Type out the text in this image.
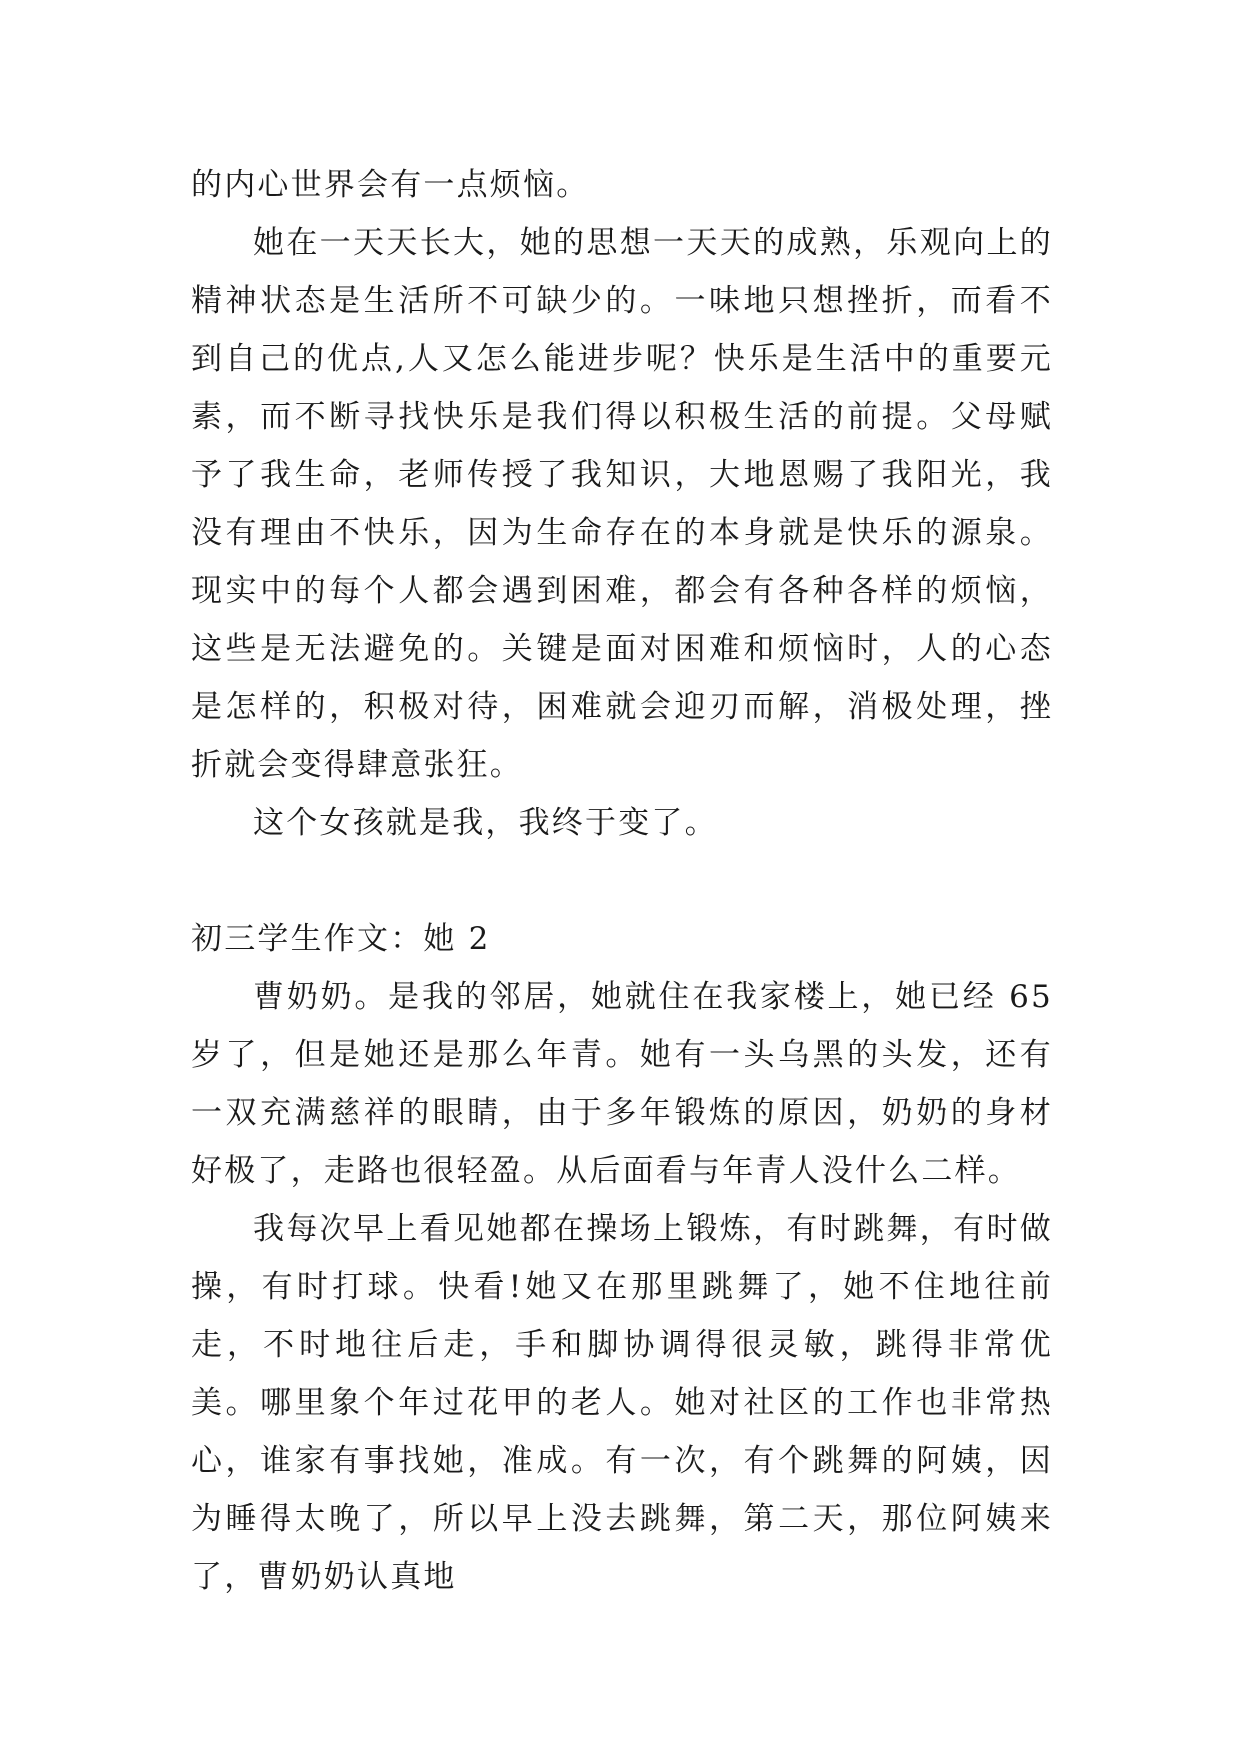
的内心世界会有一点烦恼。

她在一天天长大，她的思想一天天的成熟，乐观向上的精神状态是生活所不可缺少的。一味地只想挫折，而看不到自己的优点,人又怎么能进步呢？快乐是生活中的重要元素，而不断寻找快乐是我们得以积极生活的前提。父母赋予了我生命，老师传授了我知识，大地恩赐了我阳光，我没有理由不快乐，因为生命存在的本身就是快乐的源泉。现实中的每个人都会遇到困难，都会有各种各样的烦恼，这些是无法避免的。关键是面对困难和烦恼时，人的心态是怎样的，积极对待，困难就会迎刃而解，消极处理，挫折就会变得肆意张狂。

这个女孩就是我，我终于变了。

初三学生作文：她 2

曹奶奶。是我的邻居，她就住在我家楼上，她已经 65 岁了，但是她还是那么年青。她有一头乌黑的头发，还有一双充满慈祥的眼睛，由于多年锻炼的原因，奶奶的身材好极了，走路也很轻盈。从后面看与年青人没什么二样。

我每次早上看见她都在操场上锻炼，有时跳舞，有时做操，有时打球。快看!她又在那里跳舞了，她不住地往前走，不时地往后走，手和脚协调得很灵敏，跳得非常优美。哪里象个年过花甲的老人。她对社区的工作也非常热心，谁家有事找她，准成。有一次，有个跳舞的阿姨，因为睡得太晚了，所以早上没去跳舞，第二天，那位阿姨来了，曹奶奶认真地
